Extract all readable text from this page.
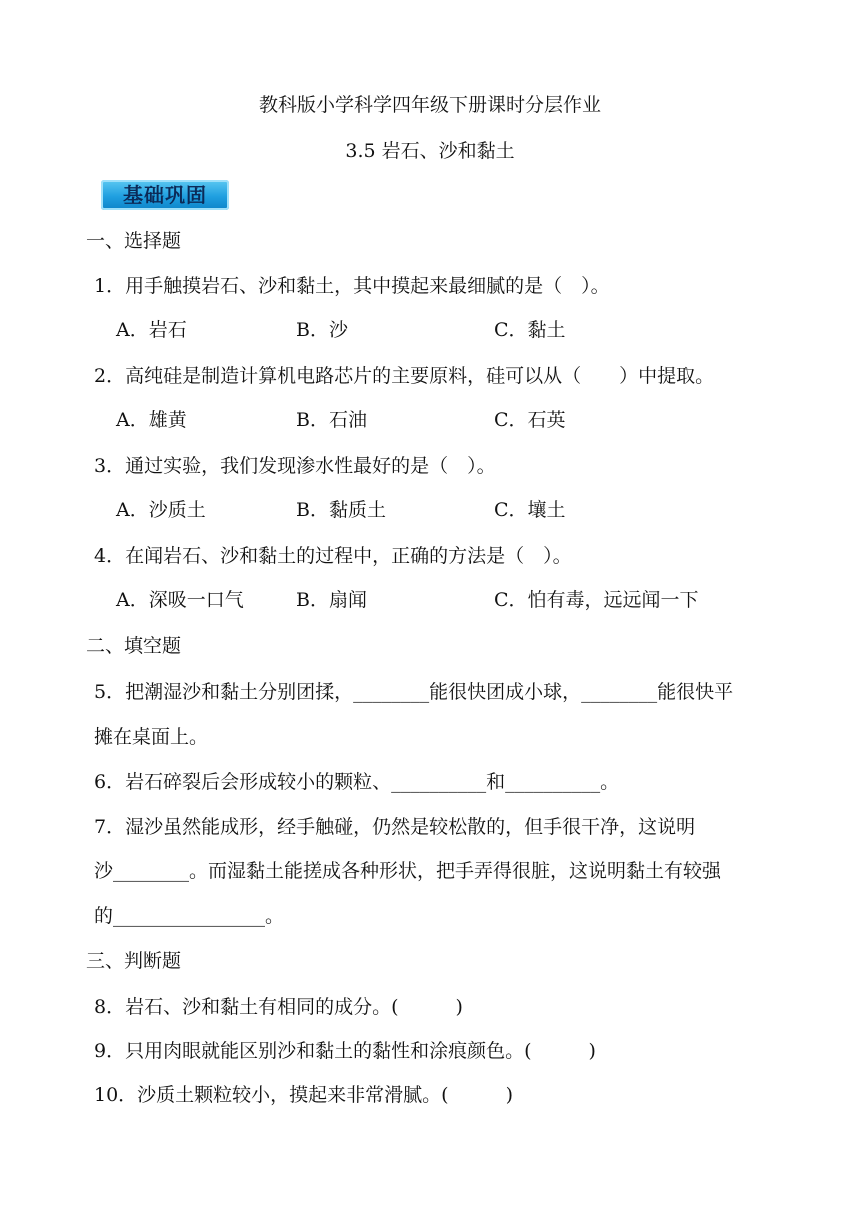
教科版小学科学四年级下册课时分层作业
3.5 岩石、沙和黏土
基础巩固
一、选择题
1．用手触摸岩石、沙和黏土，其中摸起来最细腻的是（　）。
A．岩石	B．沙	C．黏土
2．高纯硅是制造计算机电路芯片的主要原料，硅可以从（　　）中提取。
A．雄黄	B．石油	C．石英
3．通过实验，我们发现渗水性最好的是（　）。
A．沙质土	B．黏质土	C．壤土
4．在闻岩石、沙和黏土的过程中，正确的方法是（　）。
A．深吸一口气	B．扇闻	C．怕有毒，远远闻一下
二、填空题
5．把潮湿沙和黏土分别团揉，________能很快团成小球，________能很快平
摊在桌面上。
6．岩石碎裂后会形成较小的颗粒、__________和__________。
7．湿沙虽然能成形，经手触碰，仍然是较松散的，但手很干净，这说明
沙________。而湿黏土能搓成各种形状，把手弄得很脏，这说明黏土有较强
的________________。
三、判断题
8．岩石、沙和黏土有相同的成分。(　　　)
9．只用肉眼就能区别沙和黏土的黏性和涂痕颜色。(　　　)
10．沙质土颗粒较小，摸起来非常滑腻。(　　　)
